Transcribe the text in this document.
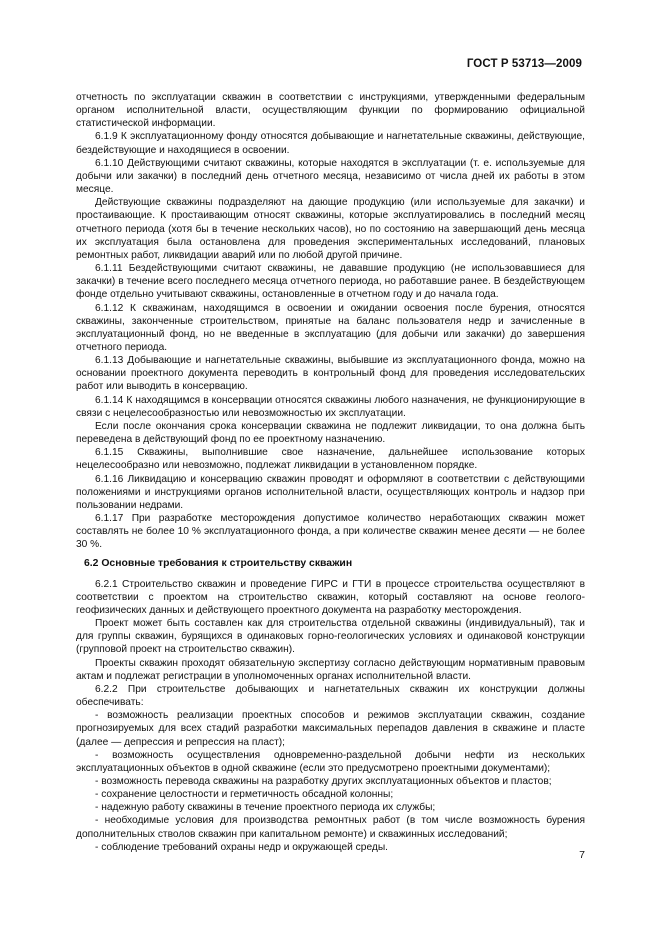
ГОСТ Р 53713—2009

отчетность по эксплуатации скважин в соответствии с инструкциями, утвержденными федеральным органом исполнительной власти, осуществляющим функции по формированию официальной статистической информации.

6.1.9 К эксплуатационному фонду относятся добывающие и нагнетательные скважины, действующие, бездействующие и находящиеся в освоении.

6.1.10 Действующими считают скважины, которые находятся в эксплуатации (т. е. используемые для добычи или закачки) в последний день отчетного месяца, независимо от числа дней их работы в этом месяце.

Действующие скважины подразделяют на дающие продукцию (или используемые для закачки) и простаивающие. К простаивающим относят скважины, которые эксплуатировались в последний месяц отчетного периода (хотя бы в течение нескольких часов), но по состоянию на завершающий день месяца их эксплуатация была остановлена для проведения экспериментальных исследований, плановых ремонтных работ, ликвидации аварий или по любой другой причине.

6.1.11 Бездействующими считают скважины, не дававшие продукцию (не использовавшиеся для закачки) в течение всего последнего месяца отчетного периода, но работавшие ранее. В бездействующем фонде отдельно учитывают скважины, остановленные в отчетном году и до начала года.

6.1.12 К скважинам, находящимся в освоении и ожидании освоения после бурения, относятся скважины, законченные строительством, принятые на баланс пользователя недр и зачисленные в эксплуатационный фонд, но не введенные в эксплуатацию (для добычи или закачки) до завершения отчетного периода.

6.1.13 Добывающие и нагнетательные скважины, выбывшие из эксплуатационного фонда, можно на основании проектного документа переводить в контрольный фонд для проведения исследовательских работ или выводить в консервацию.

6.1.14 К находящимся в консервации относятся скважины любого назначения, не функционирующие в связи с нецелесообразностью или невозможностью их эксплуатации.

Если после окончания срока консервации скважина не подлежит ликвидации, то она должна быть переведена в действующий фонд по ее проектному назначению.

6.1.15 Скважины, выполнившие свое назначение, дальнейшее использование которых нецелесообразно или невозможно, подлежат ликвидации в установленном порядке.

6.1.16 Ликвидацию и консервацию скважин проводят и оформляют в соответствии с действующими положениями и инструкциями органов исполнительной власти, осуществляющих контроль и надзор при пользовании недрами.

6.1.17 При разработке месторождения допустимое количество неработающих скважин может составлять не более 10 % эксплуатационного фонда, а при количестве скважин менее десяти — не более 30 %.

6.2 Основные требования к строительству скважин

6.2.1 Строительство скважин и проведение ГИРС и ГТИ в процессе строительства осуществляют в соответствии с проектом на строительство скважин, который составляют на основе геолого-геофизических данных и действующего проектного документа на разработку месторождения.

Проект может быть составлен как для строительства отдельной скважины (индивидуальный), так и для группы скважин, бурящихся в одинаковых горно-геологических условиях и одинаковой конструкции (групповой проект на строительство скважин).

Проекты скважин проходят обязательную экспертизу согласно действующим нормативным правовым актам и подлежат регистрации в уполномоченных органах исполнительной власти.

6.2.2 При строительстве добывающих и нагнетательных скважин их конструкции должны обеспечивать:

- возможность реализации проектных способов и режимов эксплуатации скважин, создание прогнозируемых для всех стадий разработки максимальных перепадов давления в скважине и пласте (далее — депрессия и репрессия на пласт);

- возможность осуществления одновременно-раздельной добычи нефти из нескольких эксплуатационных объектов в одной скважине (если это предусмотрено проектными документами);

- возможность перевода скважины на разработку других эксплуатационных объектов и пластов;

- сохранение целостности и герметичность обсадной колонны;

- надежную работу скважины в течение проектного периода их службы;

- необходимые условия для производства ремонтных работ (в том числе возможность бурения дополнительных стволов скважин при капитальном ремонте) и скважинных исследований;

- соблюдение требований охраны недр и окружающей среды.

7
